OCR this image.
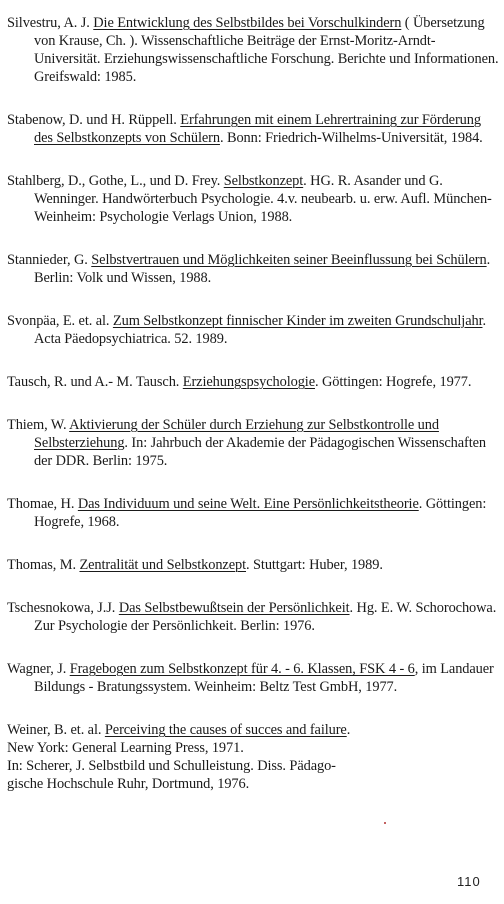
Silvestru, A. J. Die Entwicklung des Selbstbildes bei Vorschulkindern ( Übersetzung von Krause, Ch. ). Wissenschaftliche Beiträge der Ernst-Moritz-Arndt-Universität. Erziehungswissenschaftliche Forschung. Berichte und Informationen. Greifswald: 1985.

Stabenow, D. und H. Rüppell. Erfahrungen mit einem Lehrertraining zur Förderung des Selbstkonzepts von Schülern. Bonn: Friedrich-Wilhelms-Universität, 1984.

Stahlberg, D., Gothe, L., und D. Frey. Selbstkonzept. HG. R. Asander und G. Wenninger. Handwörterbuch Psychologie. 4.v. neubearb. u. erw. Aufl. München-Weinheim: Psychologie Verlags Union, 1988.

Stannieder, G. Selbstvertrauen und Möglichkeiten seiner Beeinflussung bei Schülern. Berlin: Volk und Wissen, 1988.

Svonpäa, E. et. al. Zum Selbstkonzept finnischer Kinder im zweiten Grundschuljahr. Acta Päedopsychiatrica. 52. 1989.

Tausch, R. und A.- M. Tausch. Erziehungspsychologie. Göttingen: Hogrefe, 1977.

Thiem, W. Aktivierung der Schüler durch Erziehung zur Selbstkontrolle und Selbsterziehung. In: Jahrbuch der Akademie der Pädagogischen Wissenschaften der DDR. Berlin: 1975.

Thomae, H. Das Individuum und seine Welt. Eine Persönlichkeitstheorie. Göttingen: Hogrefe, 1968.

Thomas, M. Zentralität und Selbstkonzept. Stuttgart: Huber, 1989.

Tschesnokowa, J.J. Das Selbstbewußtsein der Persönlichkeit. Hg. E. W. Schorochowa. Zur Psychologie der Persönlichkeit. Berlin: 1976.

Wagner, J. Fragebogen zum Selbstkonzept für 4. - 6. Klassen, FSK 4 - 6, im Landauer Bildungs - Bratungssystem. Weinheim: Beltz Test GmbH, 1977.

Weiner, B. et. al. Perceiving the causes of succes and failure.
New York: General Learning Press, 1971.
In: Scherer, J. Selbstbild und Schulleistung. Diss. Pädago-
gische Hochschule Ruhr, Dortmund, 1976.

110
